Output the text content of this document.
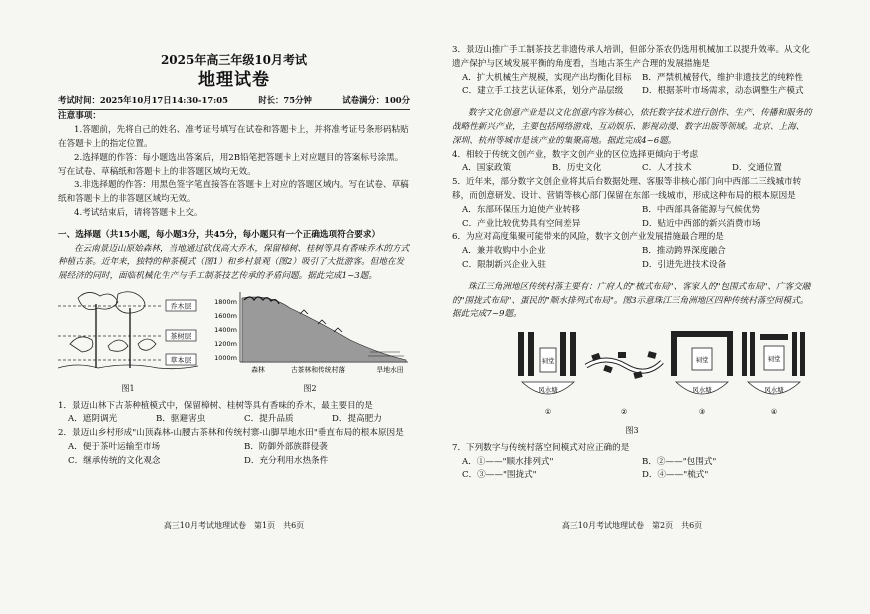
2025年高三年级10月考试
地理试卷
考试时间：2025年10月17日14:30-17:05	时长：75分钟	试卷满分：100分
注意事项：
1.答题前，先将自己的姓名、准考证号填写在试卷和答题卡上，并将准考证号条形码粘贴在答题卡上的指定位置。
2.选择题的作答：每小题选出答案后，用2B铅笔把答题卡上对应题目的答案标号涂黑。写在试卷、草稿纸和答题卡上的非答题区域均无效。
3.非选择题的作答：用黑色签字笔直接答在答题卡上对应的答题区域内。写在试卷、草稿纸和答题卡上的非答题区域均无效。
4.考试结束后，请将答题卡上交。
一、选择题（共15小题，每小题3分，共45分，每小题只有一个正确选项符合要求）
在云南景迈山原始森林，当地通过砍伐高大乔木，保留樟树、桂树等具有香味乔木的方式种植古茶。近年来，独特的种茶模式（图1）和乡村景观（图2）吸引了大批游客。但地在发展经济的同时，面临机械化生产与手工制茶技艺传承的矛盾问题。据此完成1~3题。
乔木层
茶树层
草本层
图1
1800m
1600m
1400m
1200m
1000m
森林	古茶林和传统村落	旱地水田
图2
1．景迈山林下古茶种植模式中，保留樟树、桂树等具有香味的乔木，最主要目的是
A．遮阴调光	B．驱避害虫	C．提升品质	D．提高肥力
2．景迈山乡村形成"山顶森林-山腰古茶林和传统村寨-山脚旱地水田"垂直布局的根本原因是
A．便于茶叶运输至市场	B．防御外部族群侵袭
C．继承传统的文化观念	D．充分利用水热条件
高三10月考试地理试卷　第1页　共6页
3．景迈山推广手工制茶技艺非遗传承人培训，但部分茶农仍选用机械加工以提升效率。从文化遗产保护与区域发展平衡的角度看，当地古茶生产合理的发展措施是
A．扩大机械生产规模，实现产出均衡化目标	B．严禁机械替代，维护非遗技艺的纯粹性
C．建立手工技艺认证体系，划分产品层级	D．根据茶叶市场需求，动态调整生产模式
数字文化创意产业是以文化创意内容为核心，依托数字技术进行创作、生产、传播和服务的战略性新兴产业，主要包括网络游戏、互动娱乐、影视动漫、数字出版等领域。北京、上海、深圳、杭州等城市是该产业的集聚高地。据此完成4~6题。
4．相较于传统文创产业，数字文创产业的区位选择更倾向于考虑
A．国家政策	B．历史文化	C．人才技术	D．交通位置
5．近年来，部分数字文创企业将其后台数据处理、客服等非核心部门向中西部二三线城市转移，而创意研发、设计、营销等核心部门保留在东部一线城市，形成这种布局的根本原因是
A．东部环保压力迫使产业转移	B．中西部具备能源与气候优势
C．产业比较优势具有空间差异	D．贴近中西部的新兴消费市场
6．为应对高度集聚可能带来的风险，数字文创产业发展措施最合理的是
A．兼并收购中小企业	B．推动跨界深度融合
C．限制新兴企业入驻	D．引进先进技术设备
珠江三角洲地区传统村落主要有：广府人的"梳式布局"、客家人的"包围式布局"、广客交融的"围拢式布局"、蛋民的"顺水排列式布局"。图3示意珠江三角洲地区四种传统村落空间模式。据此完成7~9题。
祠堂
风水塘
①	②
祠堂
风水塘
③
祠堂
风水塘
④
图3
7．下列数字与传统村落空间模式对应正确的是
A．①——"顺水排列式"	B．②——"包围式"
C．③——"围拢式"	D．④——"梳式"
高三10月考试地理试卷　第2页　共6页
